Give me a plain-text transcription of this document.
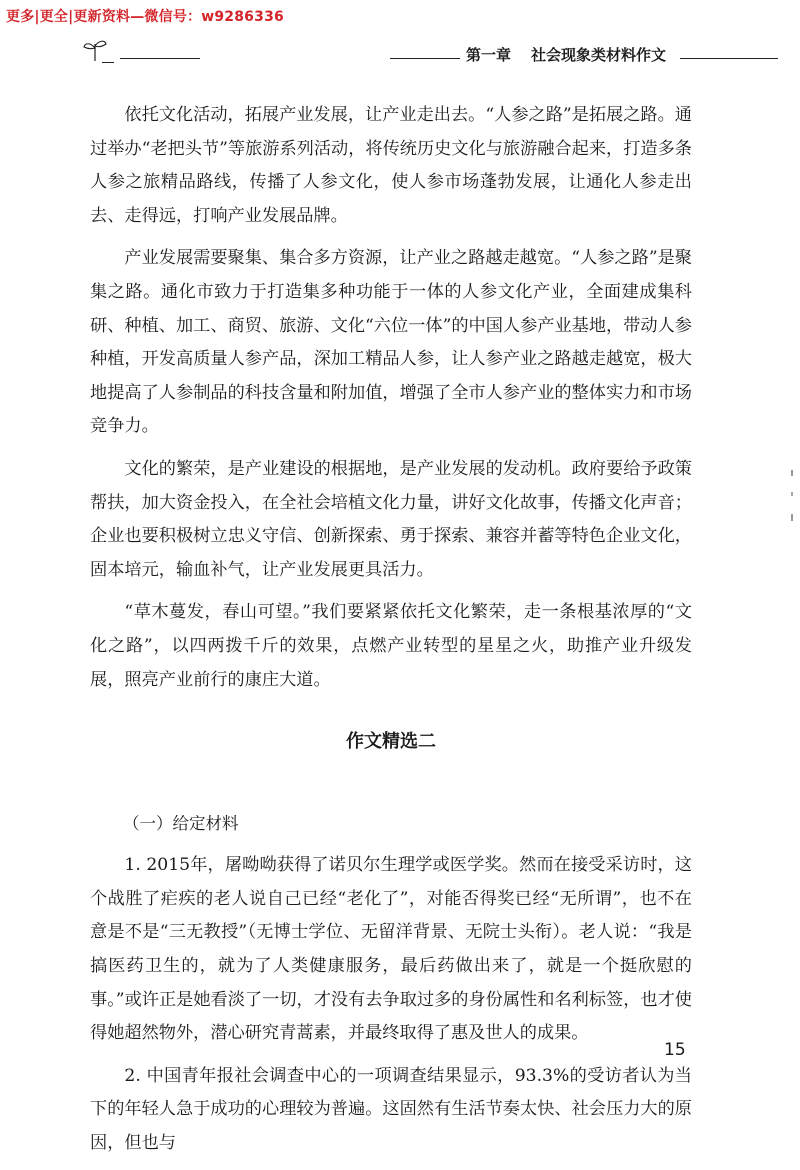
更多|更全|更新资料—微信号：w9286336
第一章 社会现象类材料作文

依托文化活动，拓展产业发展，让产业走出去。“人参之路”是拓展之路。通过举办“老把头节”等旅游系列活动，将传统历史文化与旅游融合起来，打造多条人参之旅精品路线，传播了人参文化，使人参市场蓬勃发展，让通化人参走出去、走得远，打响产业发展品牌。

产业发展需要聚集、集合多方资源，让产业之路越走越宽。“人参之路”是聚集之路。通化市致力于打造集多种功能于一体的人参文化产业，全面建成集科研、种植、加工、商贸、旅游、文化“六位一体”的中国人参产业基地，带动人参种植，开发高质量人参产品，深加工精品人参，让人参产业之路越走越宽，极大地提高了人参制品的科技含量和附加值，增强了全市人参产业的整体实力和市场竞争力。

文化的繁荣，是产业建设的根据地，是产业发展的发动机。政府要给予政策帮扶，加大资金投入，在全社会培植文化力量，讲好文化故事，传播文化声音；企业也要积极树立忠义守信、创新探索、勇于探索、兼容并蓄等特色企业文化，固本培元，输血补气，让产业发展更具活力。

“草木蔓发，春山可望。”我们要紧紧依托文化繁荣，走一条根基浓厚的“文化之路”，以四两拨千斤的效果，点燃产业转型的星星之火，助推产业升级发展，照亮产业前行的康庄大道。

作文精选二

（一）给定材料

1. 2015年，屠呦呦获得了诺贝尔生理学或医学奖。然而在接受采访时，这个战胜了疟疾的老人说自己已经“老化了”，对能否得奖已经“无所谓”，也不在意是不是“三无教授”（无博士学位、无留洋背景、无院士头衔）。老人说：“我是搞医药卫生的，就为了人类健康服务，最后药做出来了，就是一个挺欣慰的事。”或许正是她看淡了一切，才没有去争取过多的身份属性和名利标签，也才使得她超然物外，潜心研究青蒿素，并最终取得了惠及世人的成果。

2. 中国青年报社会调查中心的一项调查结果显示，93.3%的受访者认为当下的年轻人急于成功的心理较为普遍。这固然有生活节奏太快、社会压力大的原因，但也与

15
